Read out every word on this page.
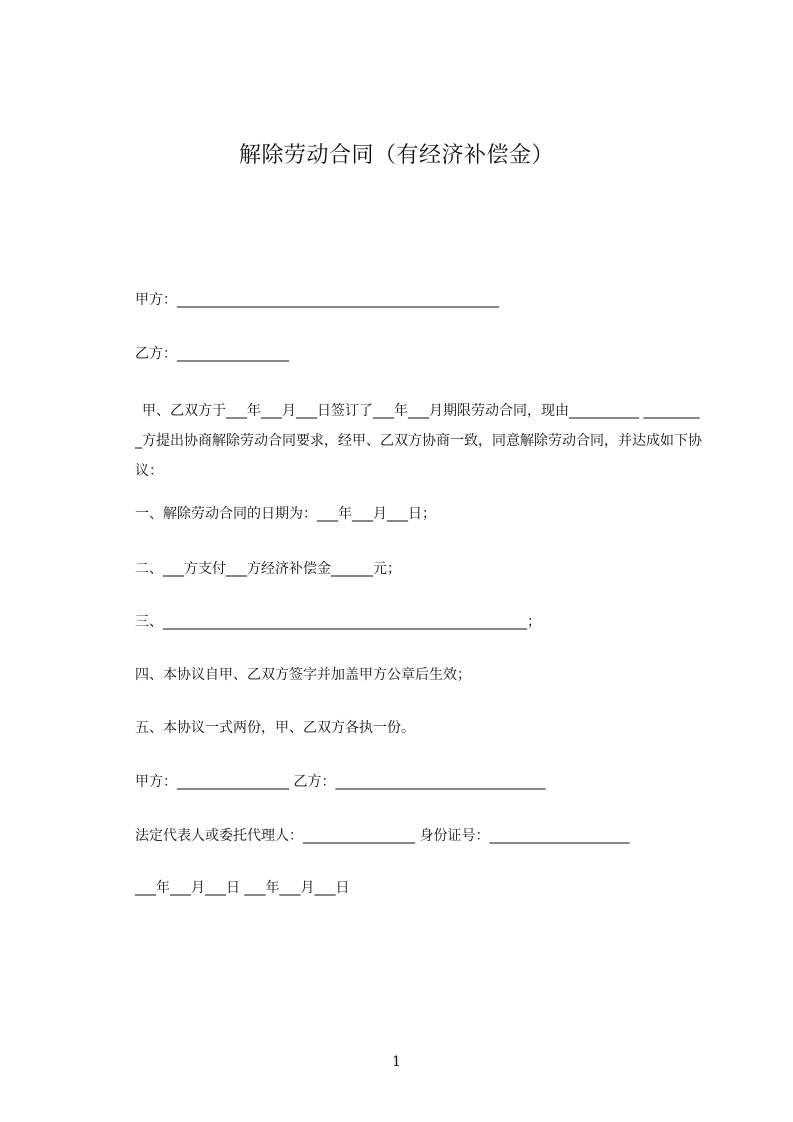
解除劳动合同（有经济补偿金）
甲方：______________________________________________
乙方：________________
甲、乙双方于___年___月___日签订了___年___月期限劳动合同，现由__________ _________方提出协商解除劳动合同要求，经甲、乙双方协商一致，同意解除劳动合同，并达成如下协议：
一、解除劳动合同的日期为：___年___月___日；
二、___方支付___方经济补偿金______元；
三、____________________________________________________；
四、本协议自甲、乙双方签字并加盖甲方公章后生效；
五、本协议一式两份，甲、乙双方各执一份。
甲方：________________ 乙方：______________________________
法定代表人或委托代理人：________________ 身份证号：____________________
___年___月___日 ___年___月___日
1
